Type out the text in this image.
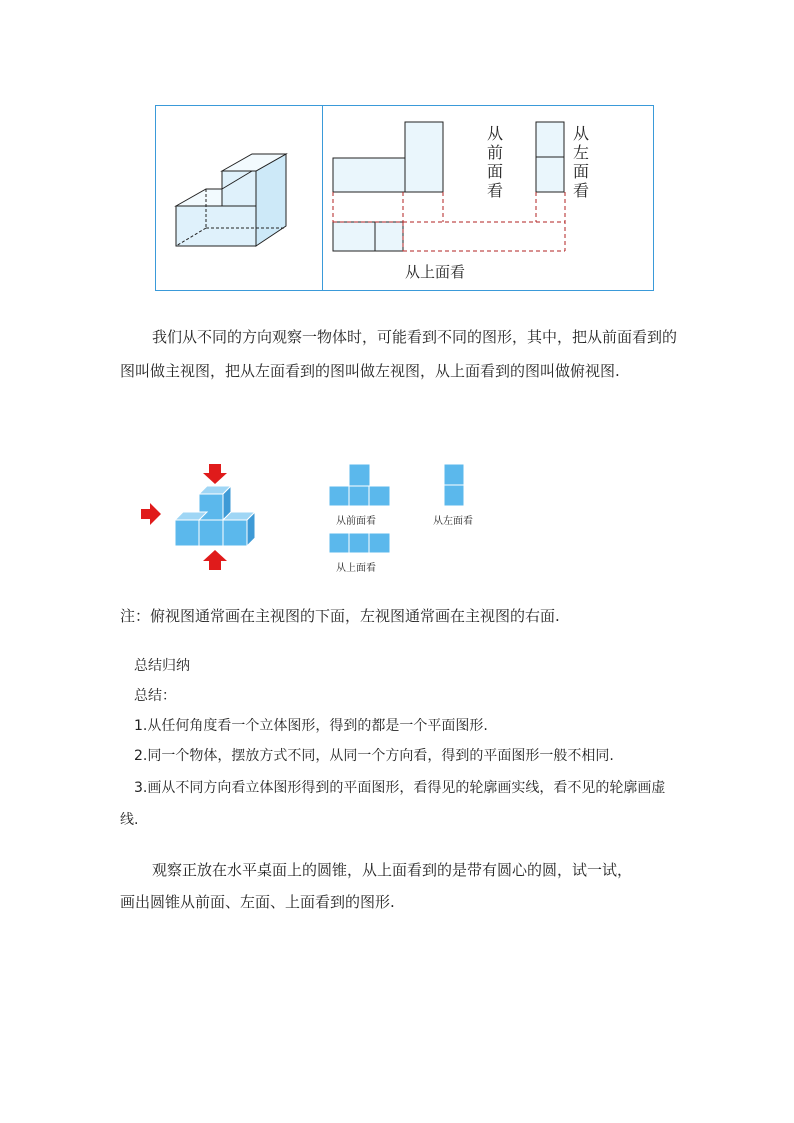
从
前
面
看
从
左
面
看
从上面看
我们从不同的方向观察一物体时，可能看到不同的图形，其中，把从前面看到的图叫做主视图，把从左面看到的图叫做左视图，从上面看到的图叫做俯视图.
从前面看	从左面看
从上面看
注：俯视图通常画在主视图的下面，左视图通常画在主视图的右面.
总结归纳
总结：
1.从任何角度看一个立体图形，得到的都是一个平面图形.
2.同一个物体，摆放方式不同，从同一个方向看，得到的平面图形一般不相同.
3.画从不同方向看立体图形得到的平面图形，看得见的轮廓画实线，看不见的轮廓画虚
线.
观察正放在水平桌面上的圆锥，从上面看到的是带有圆心的圆，试一试，
画出圆锥从前面、左面、上面看到的图形.
